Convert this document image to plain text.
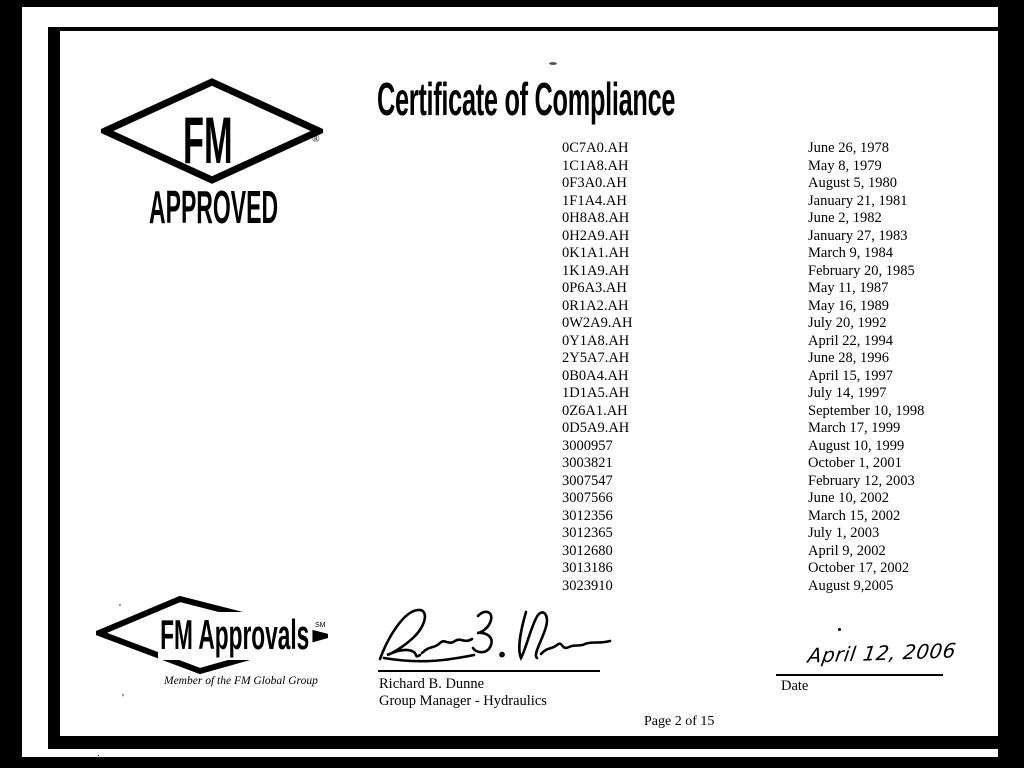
FM	®
APPROVED
Certificate of Compliance
0C7A0.AH	June 26, 1978
1C1A8.AH	May 8, 1979
0F3A0.AH	August 5, 1980
1F1A4.AH	January 21, 1981
0H8A8.AH	June 2, 1982
0H2A9.AH	January 27, 1983
0K1A1.AH	March 9, 1984
1K1A9.AH	February 20, 1985
0P6A3.AH	May 11, 1987
0R1A2.AH	May 16, 1989
0W2A9.AH	July 20, 1992
0Y1A8.AH	April 22, 1994
2Y5A7.AH	June 28, 1996
0B0A4.AH	April 15, 1997
1D1A5.AH	July 14, 1997
0Z6A1.AH	September 10, 1998
0D5A9.AH	March 17, 1999
3000957	August 10, 1999
3003821	October 1, 2001
3007547	February 12, 2003
3007566	June 10, 2002
3012356	March 15, 2002
3012365	July 1, 2003
3012680	April 9, 2002
3013186	October 17, 2002
3023910	August 9,2005
FM Approvals SM
Member of the FM Global Group	Richard B. Dunne
Group Manager - Hydraulics
April 12, 2006
Date
Page 2 of 15
'
'
:
